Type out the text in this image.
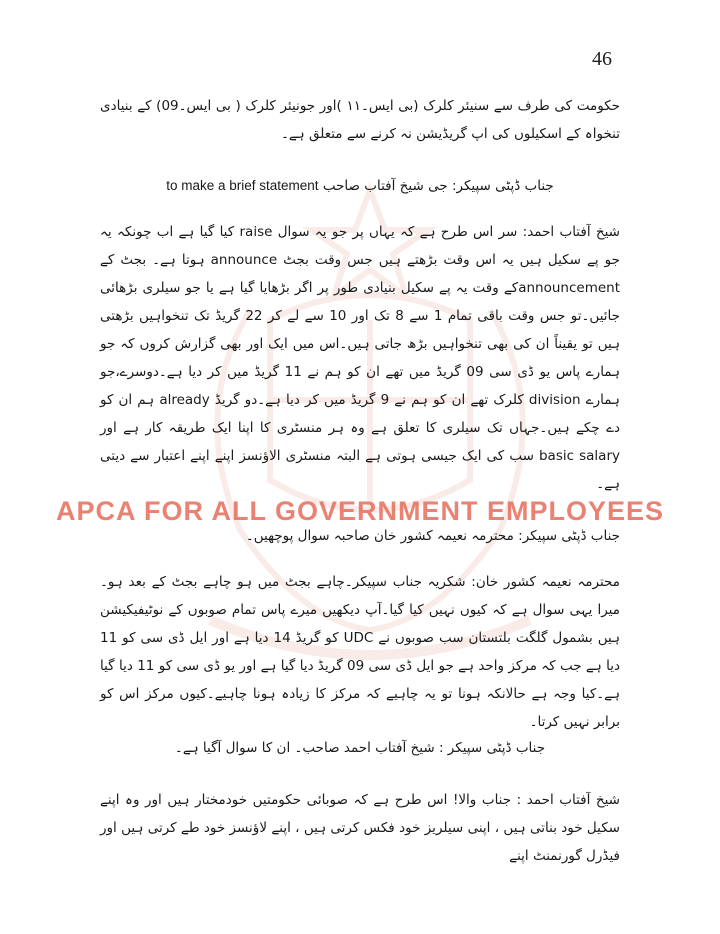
46

حکومت کی طرف سے سنیئر کلرک (بی ایس۔١١ )اور جونیئر کلرک ( بی ایس۔09) کے بنیادی تنخواہ کے اسکیلوں کی اپ گریڈیشن نہ کرنے سے متعلق ہے۔

جناب ڈپٹی سپیکر: جی شیخ آفتاب صاحب to make a brief statement

شیخ آفتاب احمد: سر اس طرح ہے کہ یہاں پر جو یہ سوال raise کیا گیا ہے اب چونکہ یہ جو پے سکیل ہیں یہ اس وقت بڑھتے ہیں جس وقت بجٹ announce ہوتا ہے۔ بجٹ کے announcementکے وقت یہ پے سکیل بنیادی طور پر اگر بڑھایا گیا ہے یا جو سیلری بڑھائی جائیں۔تو جس وقت باقی تمام 1 سے 8 تک اور 10 سے لے کر 22 گریڈ تک تنخواہیں بڑھتی ہیں تو یقیناً ان کی بھی تنخواہیں بڑھ جاتی ہیں۔اس میں ایک اور بھی گزارش کروں کہ جو ہمارے پاس یو ڈی سی 09 گریڈ میں تھے ان کو ہم نے 11 گریڈ میں کر دیا ہے۔دوسرے،جو ہمارے division کلرک تھے ان کو ہم نے 9 گریڈ میں کر دیا ہے۔دو گریڈ already ہم ان کو دے چکے ہیں۔جہاں تک سیلری کا تعلق ہے وہ ہر منسٹری کا اپنا ایک طریقہ کار ہے اور basic salary سب کی ایک جیسی ہوتی ہے البتہ منسٹری الاؤنسز اپنے اپنے اعتبار سے دیتی ہے۔

جناب ڈپٹی سپیکر: محترمہ نعیمہ کشور خان صاحبہ سوال پوچھیں۔

محترمہ نعیمہ کشور خان: شکریہ جناب سپیکر۔چاہے بجٹ میں ہو چاہے بجٹ کے بعد ہو۔میرا یہی سوال ہے کہ کیوں نہیں کیا گیا۔آپ دیکھیں میرے پاس تمام صوبوں کے نوٹیفیکیشن ہیں بشمول گلگت بلتستان سب صوبوں نے UDC کو گریڈ 14 دیا ہے اور ایل ڈی سی کو 11 دیا ہے جب کہ مرکز واحد ہے جو ایل ڈی سی 09 گریڈ دیا گیا ہے اور یو ڈی سی کو 11 دیا گیا ہے۔کیا وجہ ہے حالانکہ ہونا تو یہ چاہیے کہ مرکز کا زیادہ ہونا چاہیے۔کیوں مرکز اس کو برابر نہیں کرتا۔

جناب ڈپٹی سپیکر : شیخ آفتاب احمد صاحب۔ ان کا سوال آگیا ہے۔

شیخ آفتاب احمد : جناب والا! اس طرح ہے کہ صوبائی حکومتیں خودمختار ہیں اور وہ اپنے سکیل خود بناتی ہیں ، اپنی سیلریز خود فکس کرتی ہیں ، اپنے لاؤنسز خود طے کرتی ہیں اور فیڈرل گورنمنٹ اپنے

APCA FOR ALL GOVERNMENT EMPLOYEES
